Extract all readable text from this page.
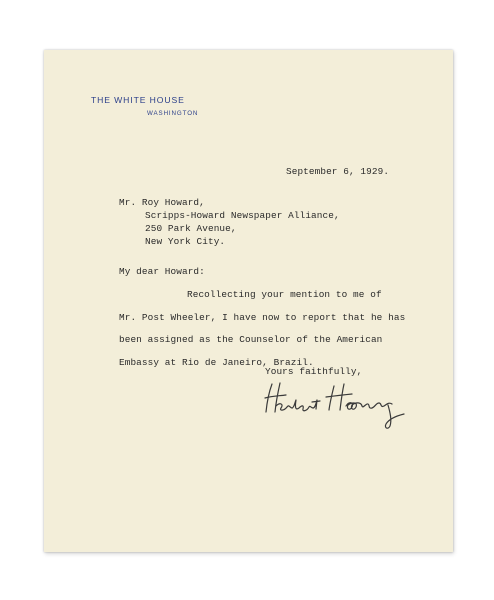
THE WHITE HOUSE
WASHINGTON
September 6, 1929.
Mr. Roy Howard,
Scripps-Howard Newspaper Alliance,
250 Park Avenue,
New York City.
My dear Howard:
Recollecting your mention to me of
Mr. Post Wheeler, I have now to report that he has
been assigned as the Counselor of the American
Embassy at Rio de Janeiro, Brazil.
Yours faithfully,
